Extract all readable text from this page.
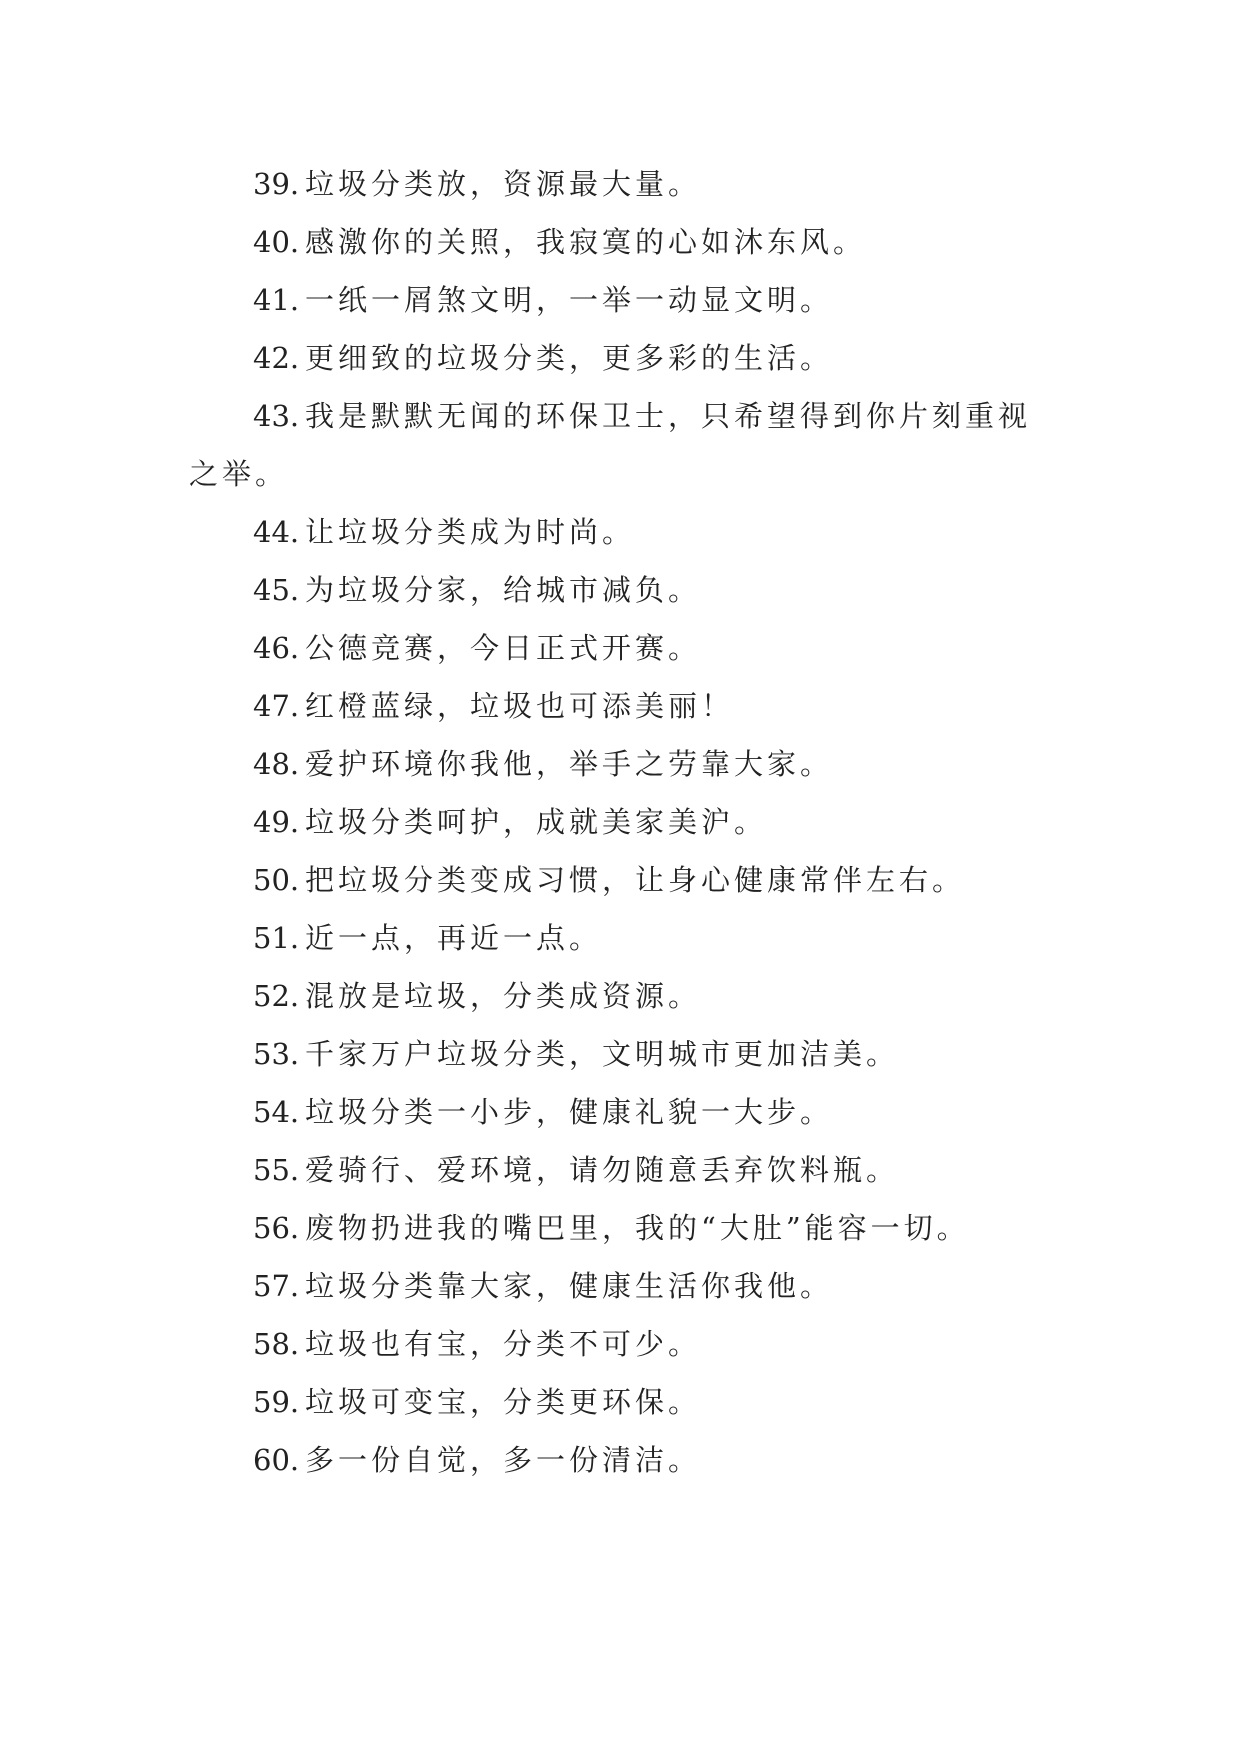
39. 垃圾分类放，资源最大量。
40. 感激你的关照，我寂寞的心如沐东风。
41. 一纸一屑煞文明，一举一动显文明。
42. 更细致的垃圾分类，更多彩的生活。
43. 我是默默无闻的环保卫士，只希望得到你片刻重视
之举。
44. 让垃圾分类成为时尚。
45. 为垃圾分家，给城市减负。
46. 公德竞赛，今日正式开赛。
47. 红橙蓝绿，垃圾也可添美丽！
48. 爱护环境你我他，举手之劳靠大家。
49. 垃圾分类呵护，成就美家美沪。
50. 把垃圾分类变成习惯，让身心健康常伴左右。
51. 近一点，再近一点。
52. 混放是垃圾，分类成资源。
53. 千家万户垃圾分类，文明城市更加洁美。
54. 垃圾分类一小步，健康礼貌一大步。
55. 爱骑行、爱环境，请勿随意丢弃饮料瓶。
56. 废物扔进我的嘴巴里，我的“大肚”能容一切。
57. 垃圾分类靠大家，健康生活你我他。
58. 垃圾也有宝，分类不可少。
59. 垃圾可变宝，分类更环保。
60. 多一份自觉，多一份清洁。
